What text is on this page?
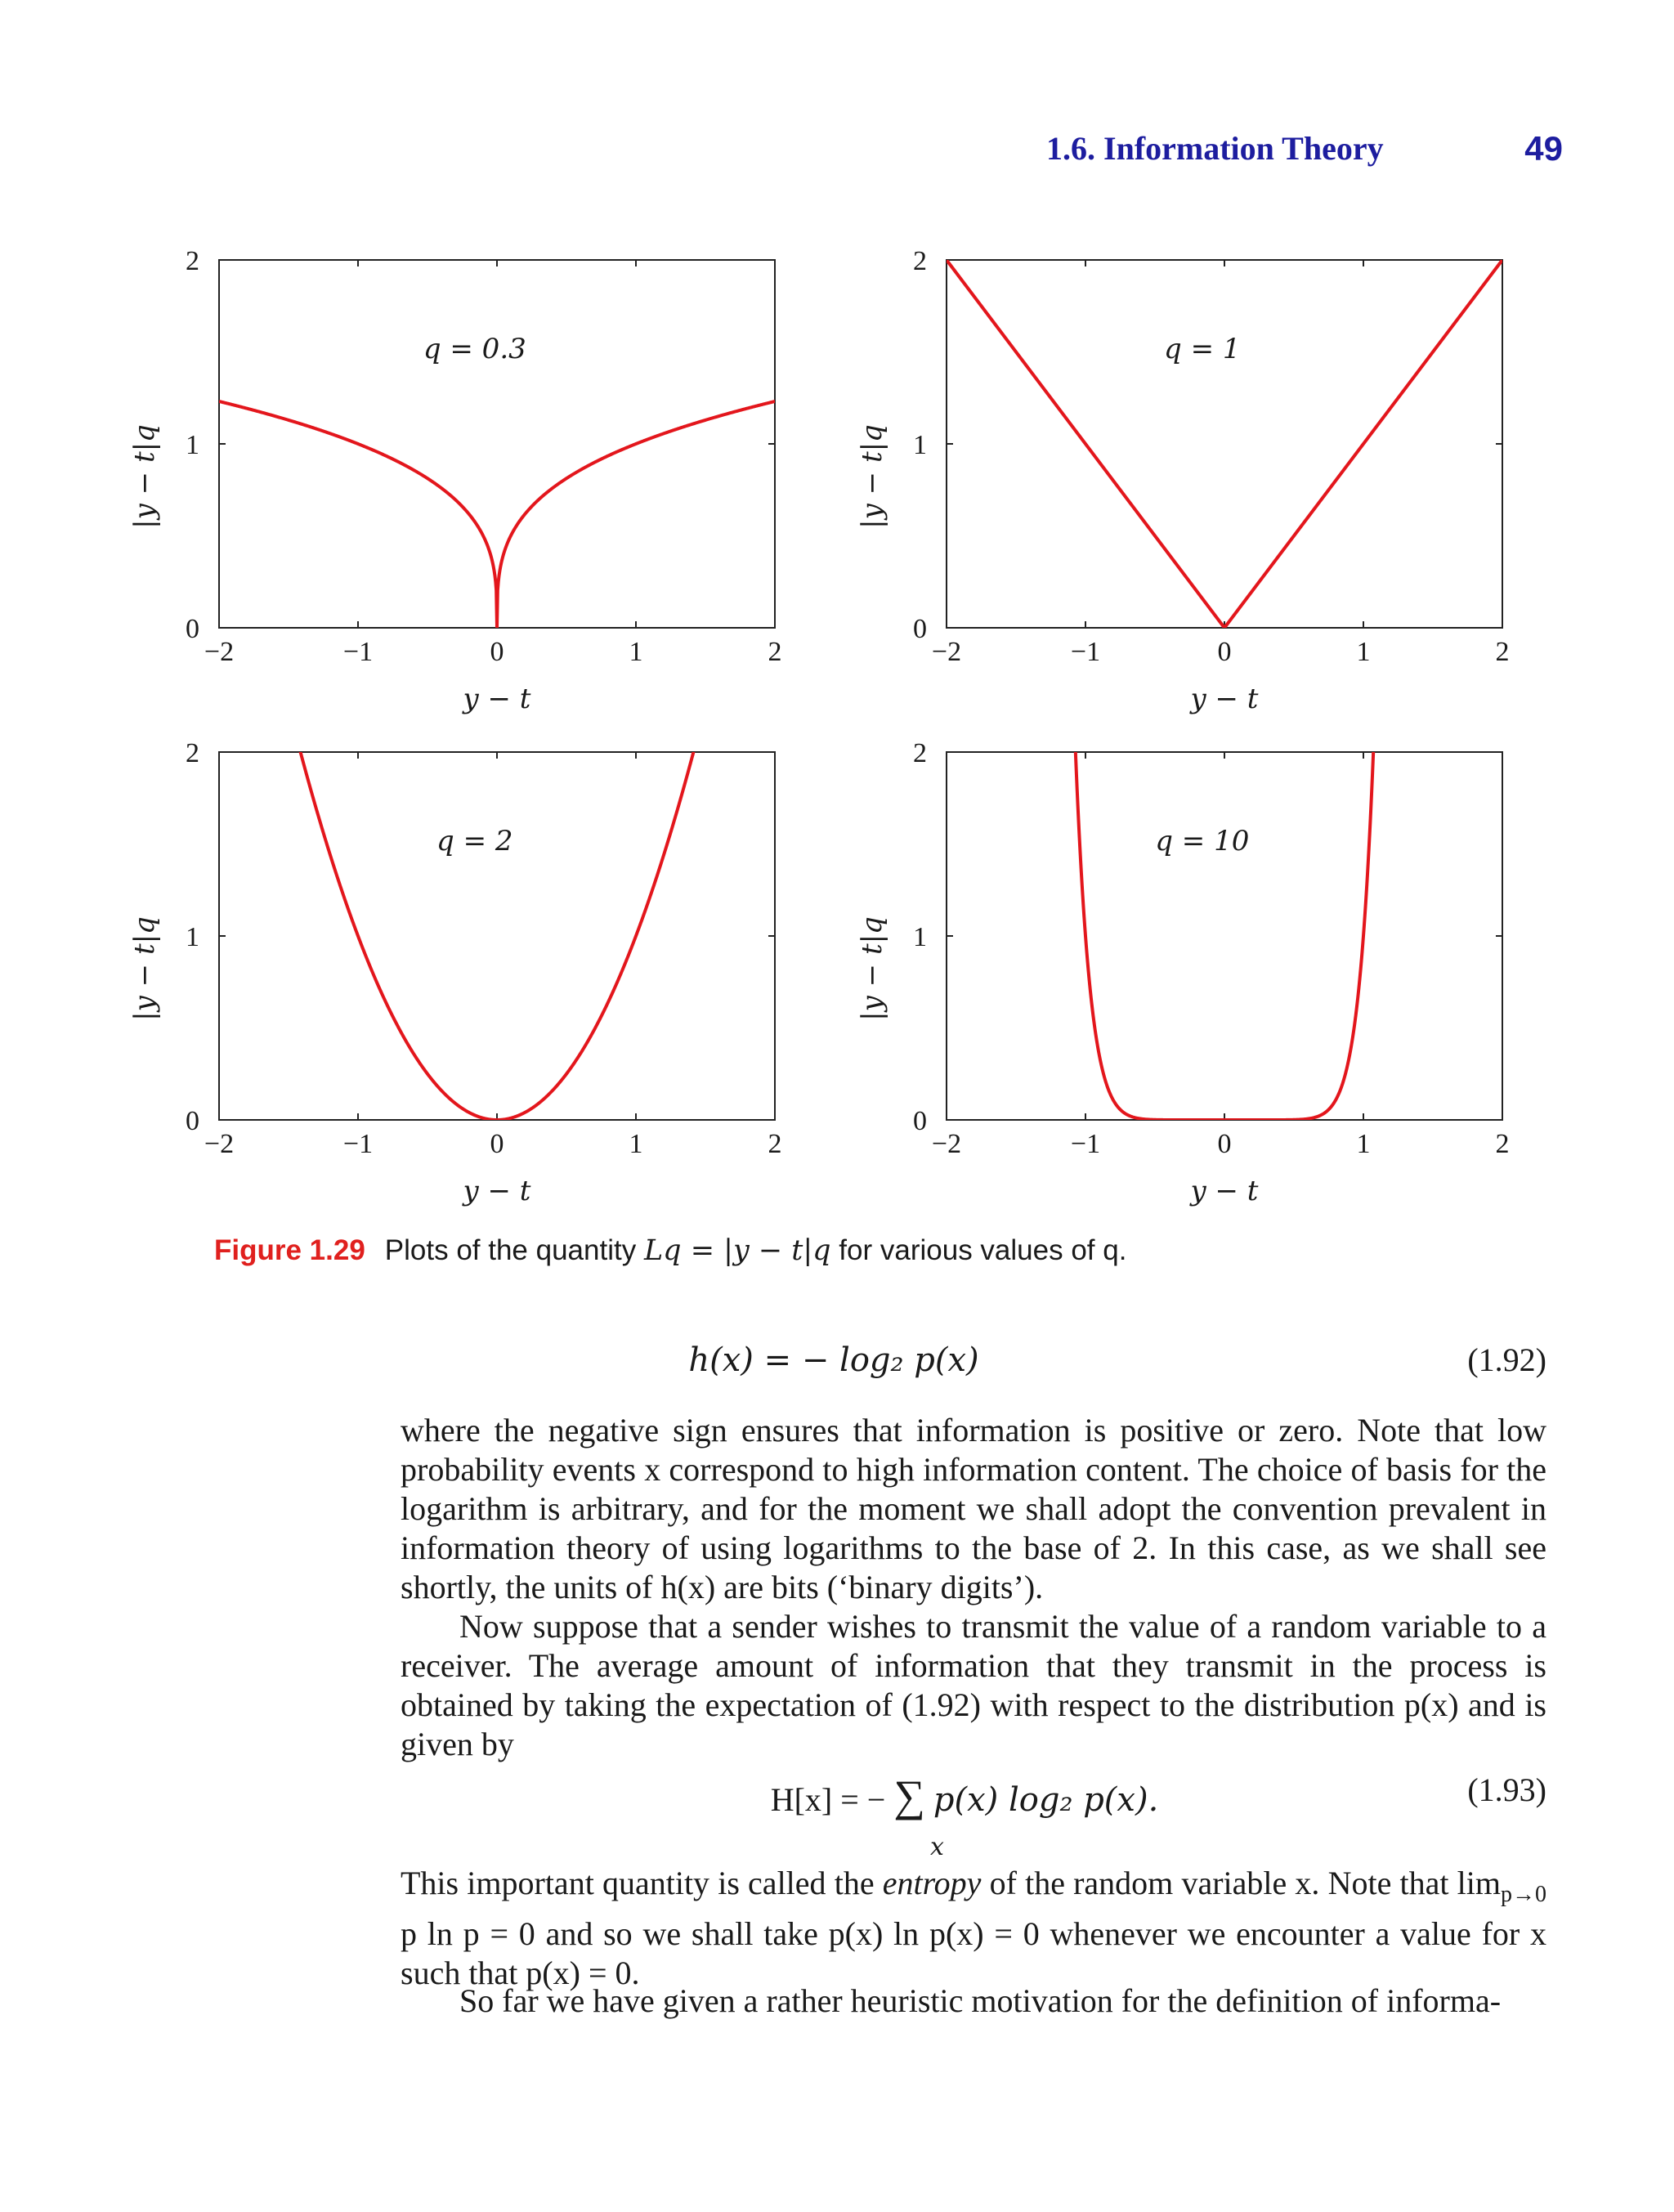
1.6. Information Theory	49
−2	−1	0	1	2
0
1
2
y − t
|y − t|q
q = 0.3
−2	−1	0	1	2
0
1
2
y − t
|y − t|q
q = 1
−2	−1	0	1	2
0
1
2
y − t
|y − t|q
q = 2
−2	−1	0	1	2
0
1
2
y − t
|y − t|q
q = 10
Figure 1.29 Plots of the quantity Lq = |y − t|q for various values of q.
h(x) = − log₂ p(x)	(1.92)
where the negative sign ensures that information is positive or zero. Note that low probability events x correspond to high information content. The choice of basis for the logarithm is arbitrary, and for the moment we shall adopt the convention prevalent in information theory of using logarithms to the base of 2. In this case, as we shall see shortly, the units of h(x) are bits (‘binary digits’).
Now suppose that a sender wishes to transmit the value of a random variable to a receiver. The average amount of information that they transmit in the process is obtained by taking the expectation of (1.92) with respect to the distribution p(x) and is given by
H[x] = − ∑ p(x) log₂ p(x).	(1.93)
x
This important quantity is called the entropy of the random variable x. Note that $\lim_{p\to 0} p$ ln p = 0 and so we shall take p(x) ln p(x) = 0 whenever we encounter a value for x such that p(x) = 0.
So far we have given a rather heuristic motivation for the definition of informa-
